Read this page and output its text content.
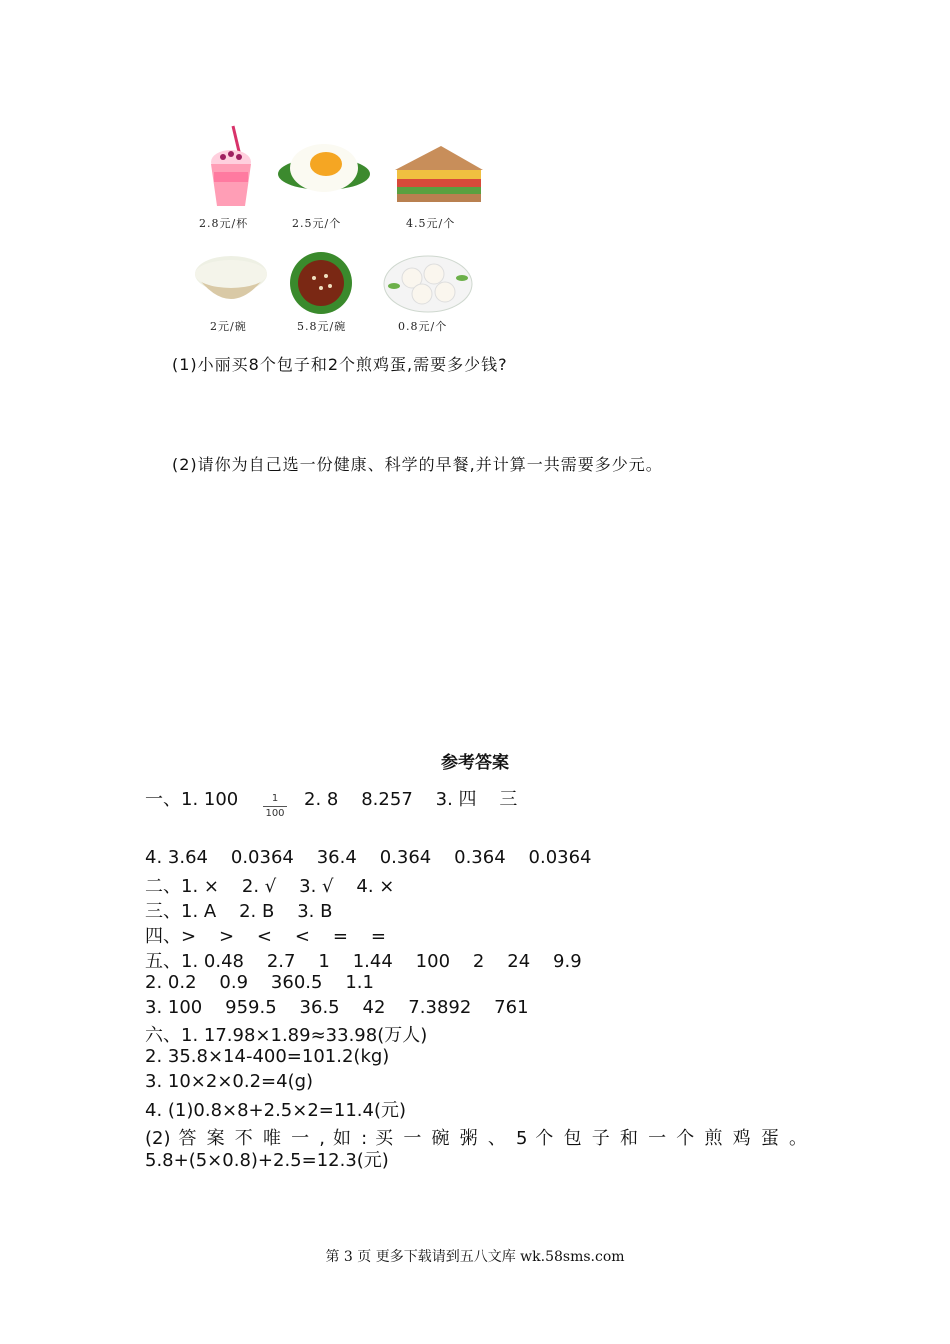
2.8元/杯	2.5元/个	4.5元/个
2元/碗	5.8元/碗	0.8元/个
(1)小丽买8个包子和2个煎鸡蛋,需要多少钱?
(2)请你为自己选一份健康、科学的早餐,并计算一共需要多少元。
参考答案
一、1. $100 \frac{1}{100} 2$. 8    8.257    3. 四    三
4. 3.64    0.0364    36.4    0.364    0.364    0.0364
二、1. ×    2. √    3. √    4. ×
三、1. A    2. B    3. B
四、>    >    <    <    =    =
五、1. 0.48    2.7    1    1.44    100    2    24    9.9
2. 0.2    0.9    360.5    1.1
3. 100    959.5    36.5    42    7.3892    761
六、1. 17.98×1.89≈33.98(万人)
2. 35.8×14-400=101.2(kg)
3. 10×2×0.2=4(g)
4. (1)0.8×8+2.5×2=11.4(元)
(2) 答 案 不 唯 一 , 如 : 买 一 碗 粥 、 5 个 包 子 和 一 个 煎 鸡 蛋 。
5.8+(5×0.8)+2.5=12.3(元)
第 3 页 更多下载请到五八文库 wk.58sms.com
